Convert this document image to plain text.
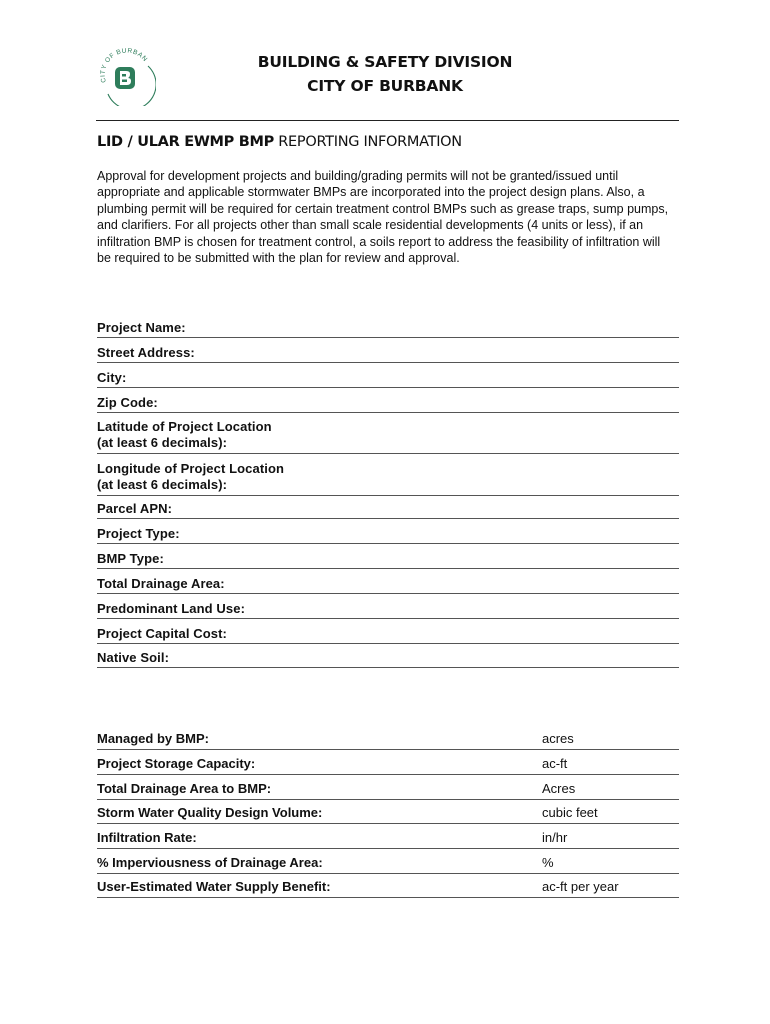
CITY OF BURBAN	BUILDING & SAFETY DIVISION
CITY OF BURBANK
LID / ULAR EWMP BMP REPORTING INFORMATION
Approval for development projects and building/grading permits will not be granted/issued until appropriate and applicable stormwater BMPs are incorporated into the project design plans. Also, a plumbing permit will be required for certain treatment control BMPs such as grease traps, sump pumps, and clarifiers. For all projects other than small scale residential developments (4 units or less), if an infiltration BMP is chosen for treatment control, a soils report to address the feasibility of infiltration will be required to be submitted with the plan for review and approval.
Project Name:
Street Address:
City:
Zip Code:
Latitude of Project Location
(at least 6 decimals):
Longitude of Project Location
(at least 6 decimals):
Parcel APN:
Project Type:
BMP Type:
Total Drainage Area:
Predominant Land Use:
Project Capital Cost:
Native Soil:
Managed by BMP:	acres
Project Storage Capacity:	ac-ft
Total Drainage Area to BMP:	Acres
Storm Water Quality Design Volume:	cubic feet
Infiltration Rate:	in/hr
% Imperviousness of Drainage Area:	%
User-Estimated Water Supply Benefit:	ac-ft per year
